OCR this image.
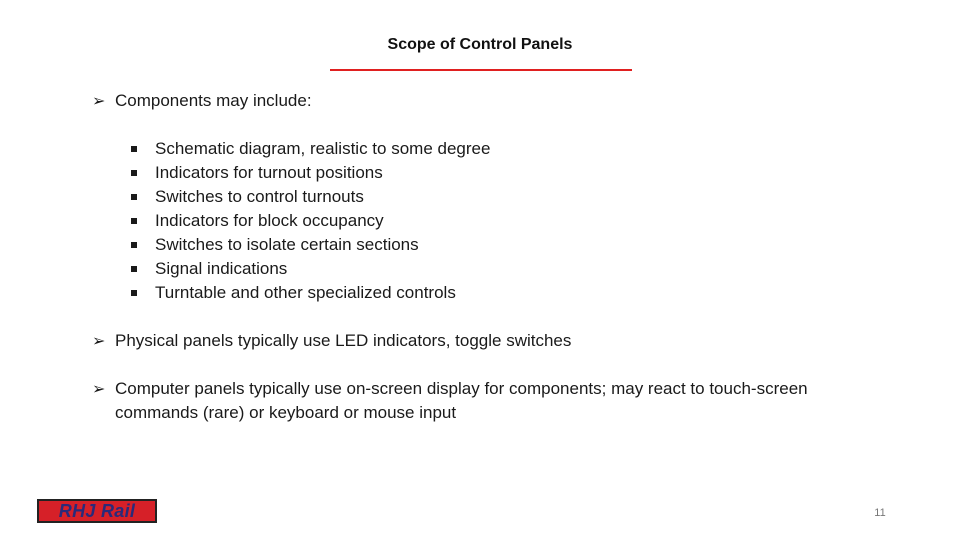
Scope of Control Panels
➢ Components may include:
Schematic diagram, realistic to some degree
Indicators for turnout positions
Switches to control turnouts
Indicators for block occupancy
Switches to isolate certain sections
Signal indications
Turntable and other specialized controls
➢ Physical panels typically use LED indicators, toggle switches
➢ Computer panels typically use on-screen display for components; may react to touch-screen commands (rare) or keyboard or mouse input
RHJ Rail	11
